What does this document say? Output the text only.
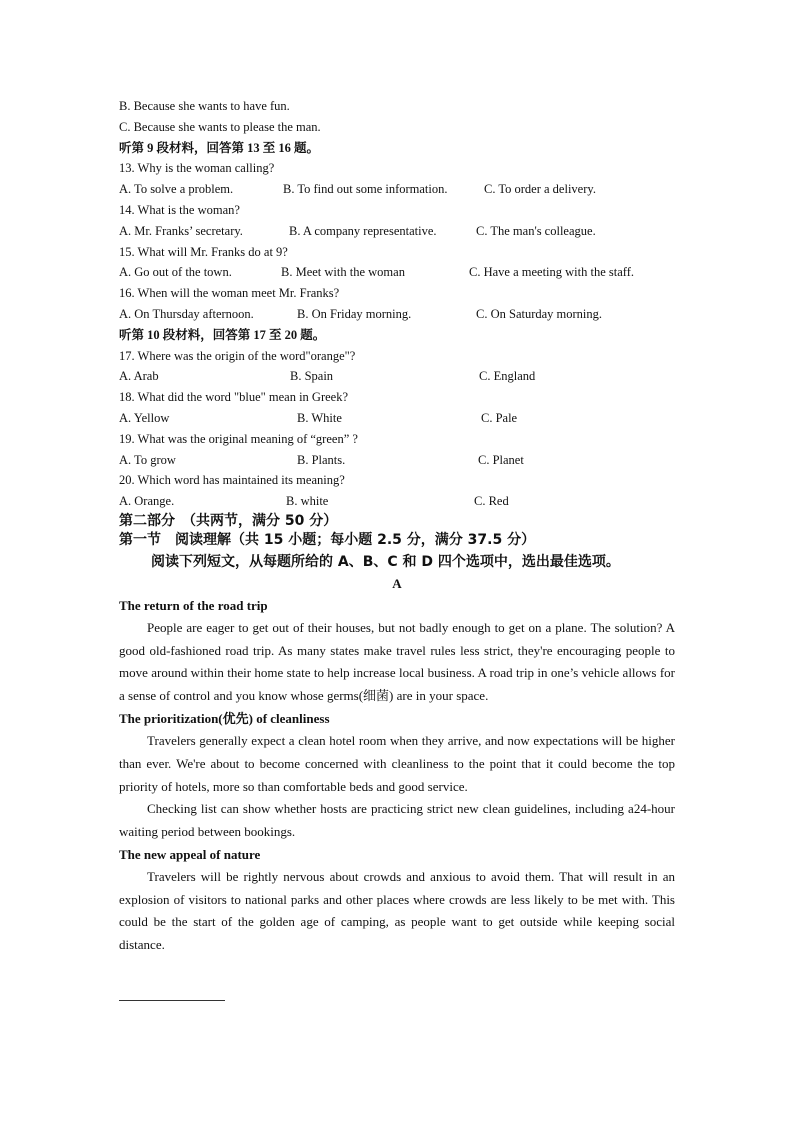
B. Because she wants to have fun.
C. Because she wants to please the man.
听第 9 段材料，回答第 13 至 16 题。
13. Why is the woman calling?
A. To solve a problem.	B. To find out some information.	C. To order a delivery.
14. What is the woman?
A. Mr. Franks’ secretary.	B. A company representative.	C. The man's colleague.
15. What will Mr. Franks do at 9?
A. Go out of the town.	B. Meet with the woman	C. Have a meeting with the staff.
16. When will the woman meet Mr. Franks?
A. On Thursday afternoon.	B. On Friday morning.	C. On Saturday morning.
听第 10 段材料，回答第 17 至 20 题。
17. Where was the origin of the word"orange"?
A. Arab	B. Spain	C. England
18. What did the word "blue" mean in Greek?
A. Yellow	B. White	C. Pale
19. What was the original meaning of “green” ?
A. To grow	B. Plants.	C. Planet
20. Which word has maintained its meaning?
A. Orange.	B. white	C. Red
第二部分　（共两节，满分 50 分）
第一节　阅读理解（共 15 小题；每小题 2.5 分，满分 37.5 分）
阅读下列短文，从每题所给的 A、B、C 和 D 四个选项中，选出最佳选项。
A
The return of the road trip

People are eager to get out of their houses, but not badly enough to get on a plane. The solution? A good old-fashioned road trip. As many states make travel rules less strict, they're encouraging people to move around within their home state to help increase local business. A road trip in one’s vehicle allows for a sense of control and you know whose germs(细菌) are in your space.

The prioritization(优先) of cleanliness

Travelers generally expect a clean hotel room when they arrive, and now expectations will be higher than ever. We're about to become concerned with cleanliness to the point that it could become the top priority of hotels, more so than comfortable beds and good service.

Checking list can show whether hosts are practicing strict new clean guidelines, including a24-hour waiting period between bookings.

The new appeal of nature

Travelers will be rightly nervous about crowds and anxious to avoid them. That will result in an explosion of visitors to national parks and other places where crowds are less likely to be met with. This could be the start of the golden age of camping, as people want to get outside while keeping social distance.
